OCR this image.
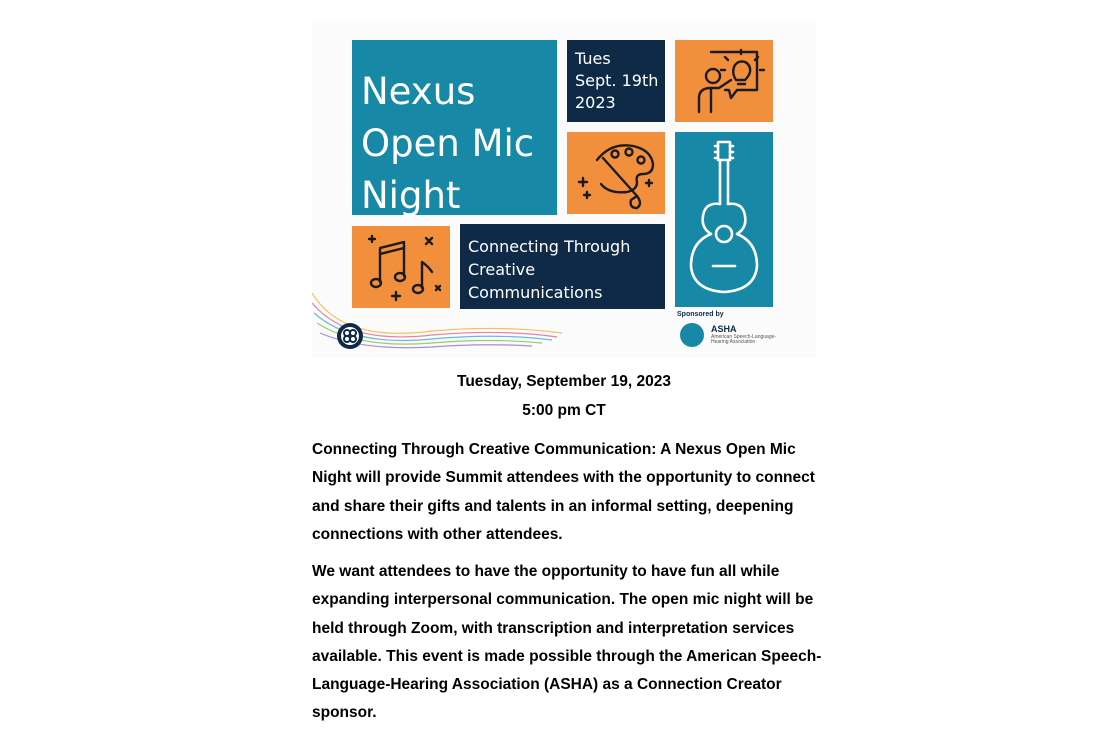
Nexus
Open Mic
Night
Tues
Sept. 19th
2023
Connecting Through
Creative
Communications
Sponsored by
ASHA
American Speech-Language-Hearing Association
Tuesday, September 19, 2023
5:00 pm CT

Connecting Through Creative Communication: A Nexus Open Mic Night will provide Summit attendees with the opportunity to connect and share their gifts and talents in an informal setting, deepening connections with other attendees.

We want attendees to have the opportunity to have fun all while expanding interpersonal communication. The open mic night will be held through Zoom, with transcription and interpretation services available. This event is made possible through the American Speech-Language-Hearing Association (ASHA) as a Connection Creator sponsor.
